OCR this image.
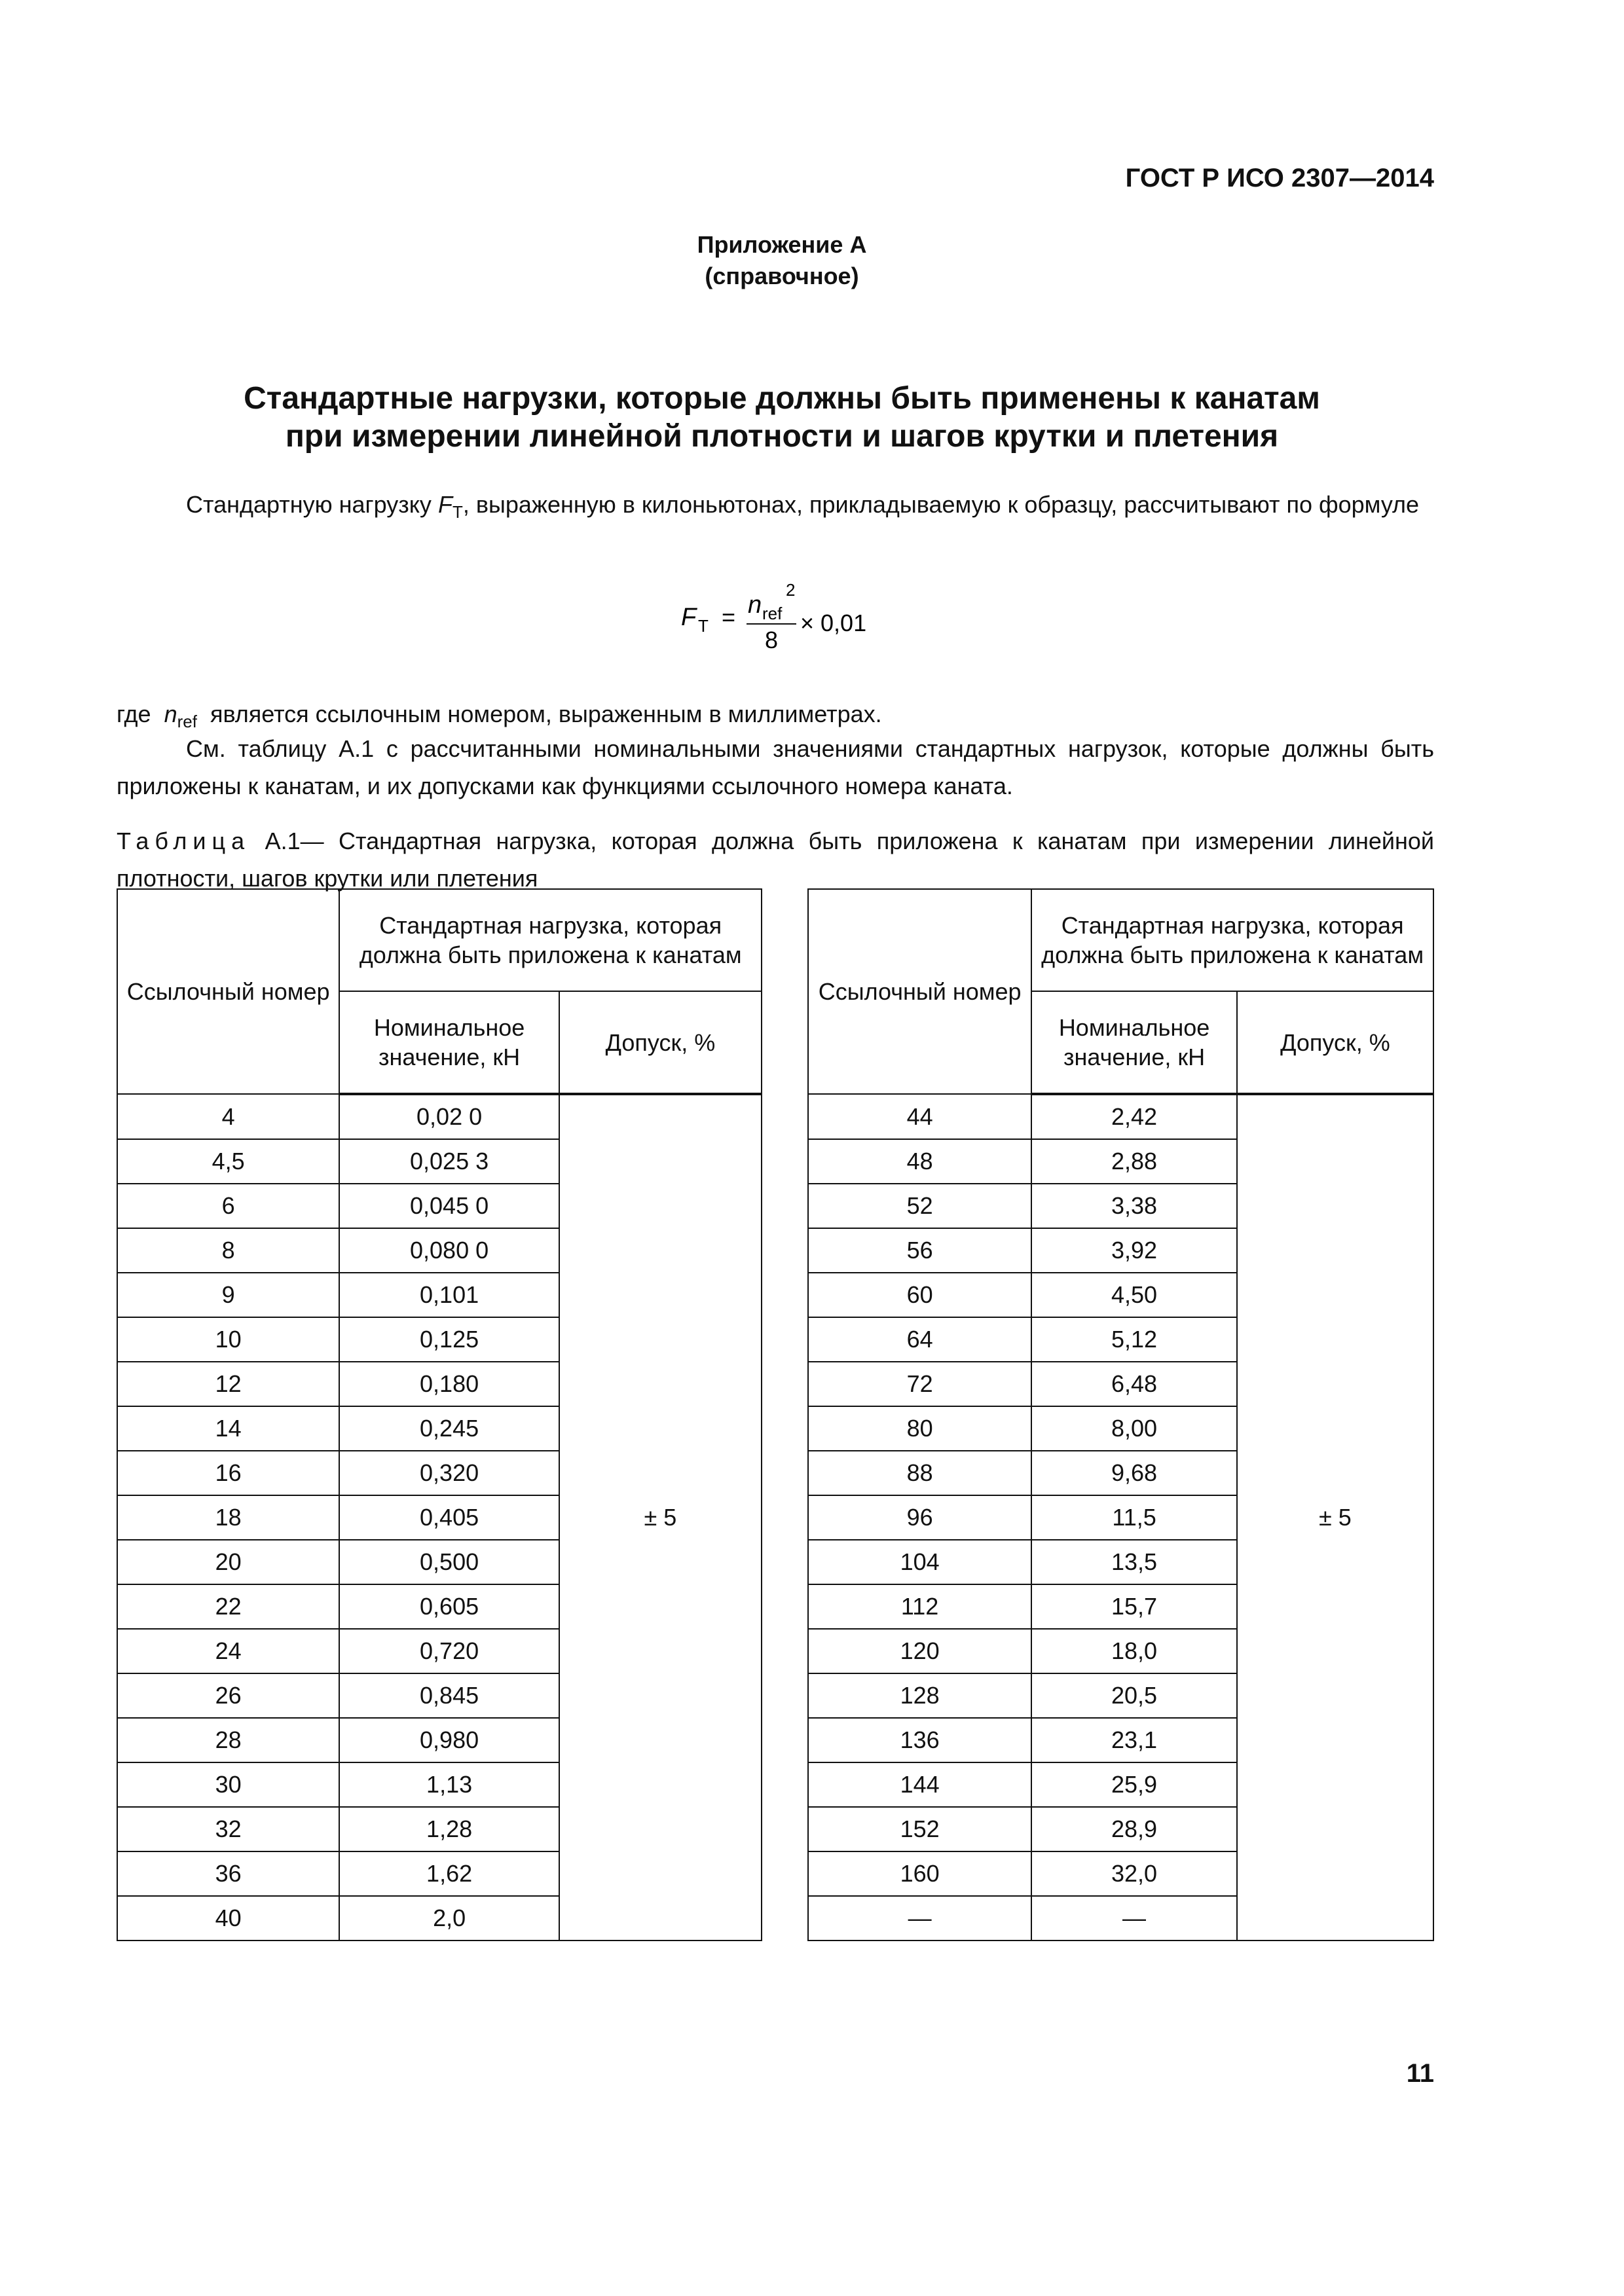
ГОСТ Р ИСО 2307—2014
Приложение А
(справочное)
Стандартные нагрузки, которые должны быть применены к канатам
при измерении линейной плотности и шагов крутки и плетения
Стандартную нагрузку $F_T$, выраженную в килоньютонах, прикладываемую к образцу, рассчитывают по формуле
F T = n ref
2
8
× 0,01
где $n_{ref}$ является ссылочным номером, выраженным в миллиметрах.
См. таблицу А.1 с рассчитанными номинальными значениями стандартных нагрузок, которые должны быть приложены к канатам, и их допусками как функциями ссылочного номера каната.
Таблица А.1— Стандартная нагрузка, которая должна быть приложена к канатам при измерении линейной плотности, шагов крутки или плетения
Ссылочный номер	Стандартная нагрузка, которая должна быть приложена к канатам	
	Номинальное значение, кН	Допуск, %
4	0,02 0	± 5
4,5	0,025 3	
6	0,045 0	
8	0,080 0	
9	0,101	
10	0,125	
12	0,180	
14	0,245	
16	0,320	
18	0,405	
20	0,500	
22	0,605	
24	0,720	
26	0,845	
28	0,980	
30	1,13	
32	1,28	
36	1,62	
40	2,0	
Ссылочный номер	Стандартная нагрузка, которая должна быть приложена к канатам	
	Номинальное значение, кН	Допуск, %
44	2,42	± 5
48	2,88	
52	3,38	
56	3,92	
60	4,50	
64	5,12	
72	6,48	
80	8,00	
88	9,68	
96	11,5	
104	13,5	
112	15,7	
120	18,0	
128	20,5	
136	23,1	
144	25,9	
152	28,9	
160	32,0	
—	—	
11
